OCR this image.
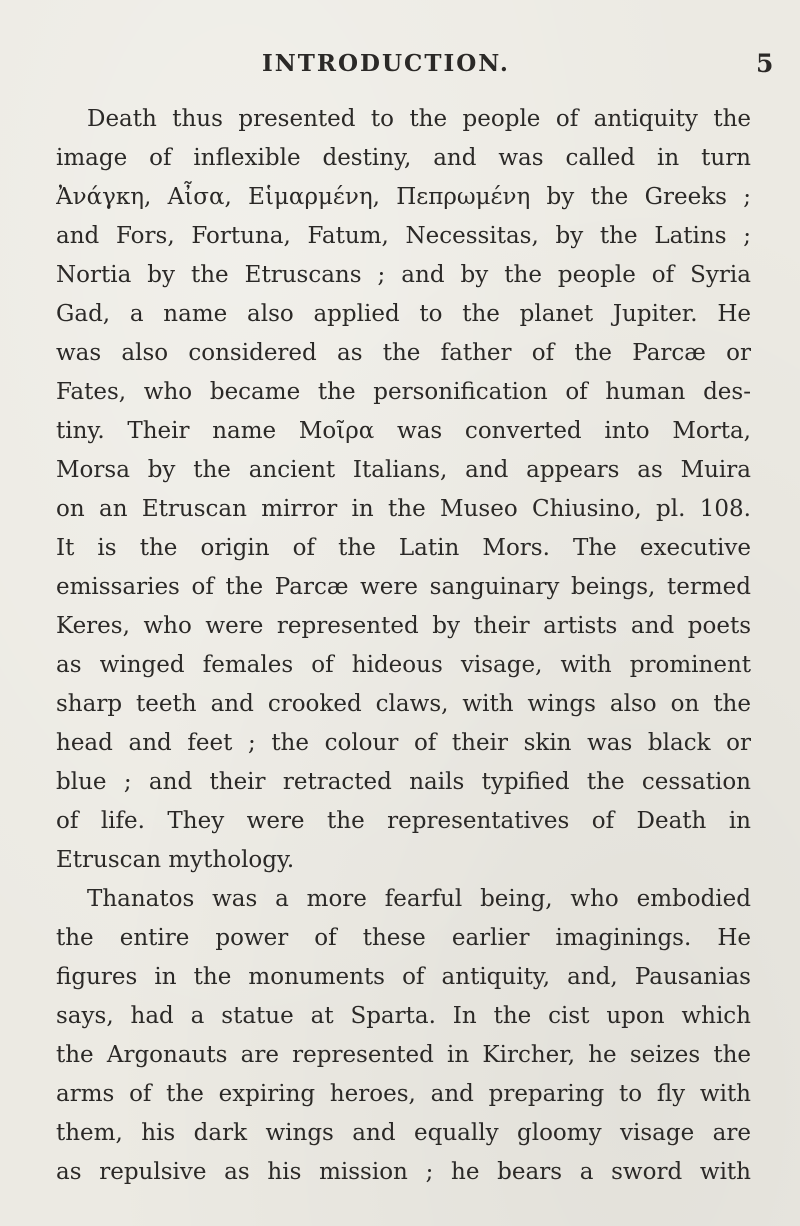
INTRODUCTION.	5
Death thus presented to the people of antiquity the
image of inflexible destiny, and was called in turn
Ἀνάγκη, Αἶσα, Εἱμαρμένη, Πεπρωμένη by the Greeks ;
and Fors, Fortuna, Fatum, Necessitas, by the Latins ;
Nortia by the Etruscans ; and by the people of Syria
Gad, a name also applied to the planet Jupiter. He
was also considered as the father of the Parcæ or
Fates, who became the personification of human des-
tiny. Their name Μοῖρα was converted into Morta,
Morsa by the ancient Italians, and appears as Muira
on an Etruscan mirror in the Museo Chiusino, pl. 108.
It is the origin of the Latin Mors. The executive
emissaries of the Parcæ were sanguinary beings, termed
Keres, who were represented by their artists and poets
as winged females of hideous visage, with prominent
sharp teeth and crooked claws, with wings also on the
head and feet ; the colour of their skin was black or
blue ; and their retracted nails typified the cessation
of life. They were the representatives of Death in
Etruscan mythology.
Thanatos was a more fearful being, who embodied
the entire power of these earlier imaginings. He
figures in the monuments of antiquity, and, Pausanias
says, had a statue at Sparta. In the cist upon which
the Argonauts are represented in Kircher, he seizes the
arms of the expiring heroes, and preparing to fly with
them, his dark wings and equally gloomy visage are
as repulsive as his mission ; he bears a sword with
